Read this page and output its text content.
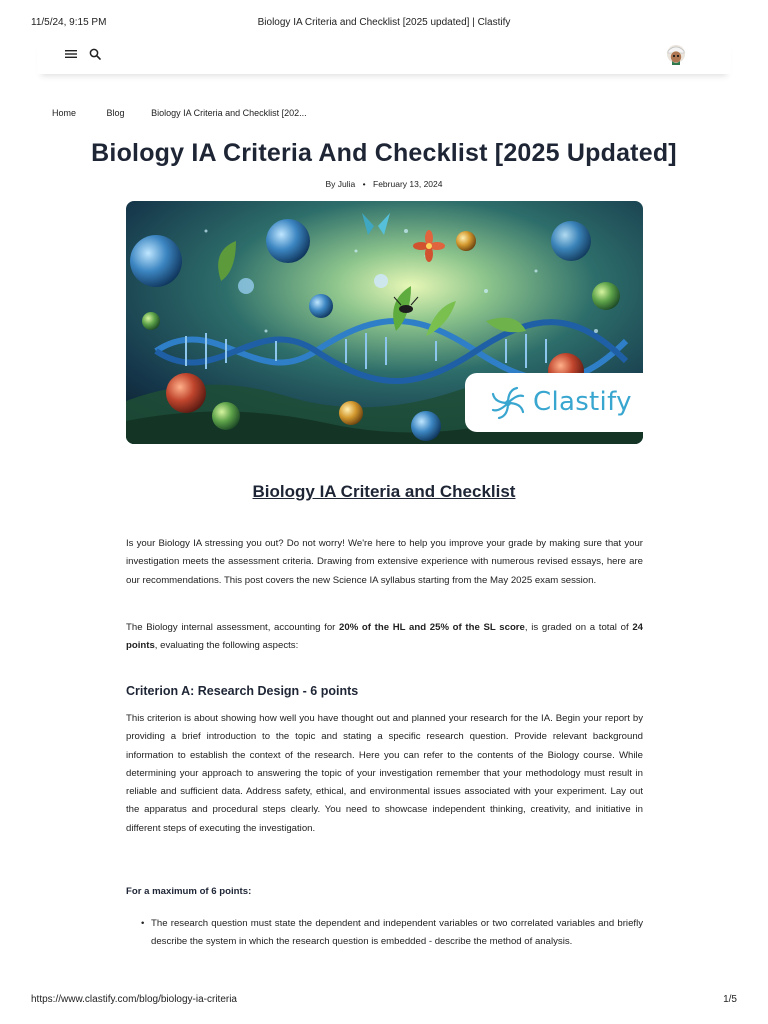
11/5/24, 9:15 PM	Biology IA Criteria and Checklist [2025 updated] | Clastify
Home	Blog	Biology IA Criteria and Checklist [202...
Biology IA Criteria And Checklist [2025 Updated]
By Julia • February 13, 2024
Clastify
Biology IA Criteria and Checklist

Is your Biology IA stressing you out? Do not worry! We're here to help you improve your grade by making sure that your investigation meets the assessment criteria. Drawing from extensive experience with numerous revised essays, here are our recommendations. This post covers the new Science IA syllabus starting from the May 2025 exam session.

The Biology internal assessment, accounting for 20% of the HL and 25% of the SL score, is graded on a total of 24 points, evaluating the following aspects:

Criterion A: Research Design - 6 points

This criterion is about showing how well you have thought out and planned your research for the IA. Begin your report by providing a brief introduction to the topic and stating a specific research question. Provide relevant background information to establish the context of the research. Here you can refer to the contents of the Biology course. While determining your approach to answering the topic of your investigation remember that your methodology must result in reliable and sufficient data. Address safety, ethical, and environmental issues associated with your experiment. Lay out the apparatus and procedural steps clearly. You need to showcase independent thinking, creativity, and initiative in different steps of executing the investigation.

For a maximum of 6 points:

• The research question must state the dependent and independent variables or two correlated variables and briefly describe the system in which the research question is embedded - describe the method of analysis.
https://www.clastify.com/blog/biology-ia-criteria	1/5
